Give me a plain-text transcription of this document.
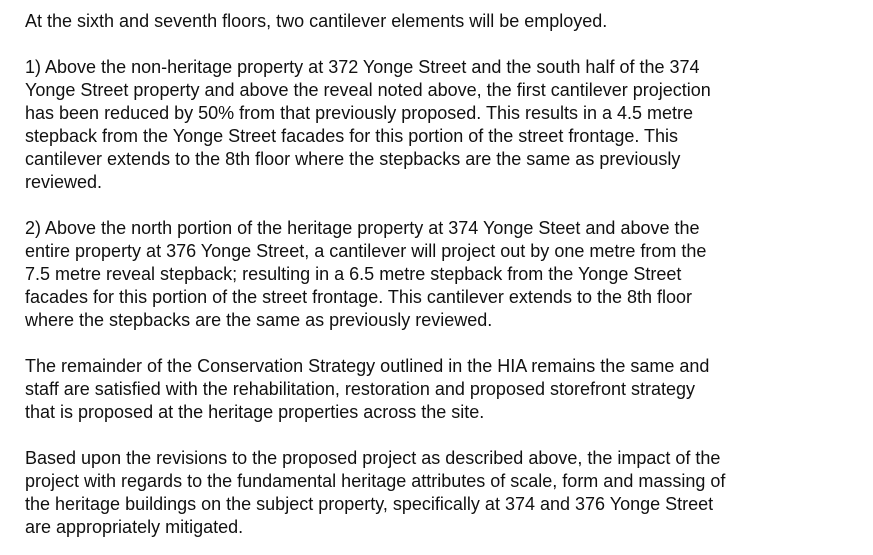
At the sixth and seventh floors, two cantilever elements will be employed.

1) Above the non-heritage property at 372 Yonge Street and the south half of the 374
Yonge Street property and above the reveal noted above, the first cantilever projection
has been reduced by 50% from that previously proposed. This results in a 4.5 metre
stepback from the Yonge Street facades for this portion of the street frontage. This
cantilever extends to the 8th floor where the stepbacks are the same as previously
reviewed.

2) Above the north portion of the heritage property at 374 Yonge Steet and above the
entire property at 376 Yonge Street, a cantilever will project out by one metre from the
7.5 metre reveal stepback; resulting in a 6.5 metre stepback from the Yonge Street
facades for this portion of the street frontage. This cantilever extends to the 8th floor
where the stepbacks are the same as previously reviewed.

The remainder of the Conservation Strategy outlined in the HIA remains the same and
staff are satisfied with the rehabilitation, restoration and proposed storefront strategy
that is proposed at the heritage properties across the site.

Based upon the revisions to the proposed project as described above, the impact of the
project with regards to the fundamental heritage attributes of scale, form and massing of
the heritage buildings on the subject property, specifically at 374 and 376 Yonge Street
are appropriately mitigated.
